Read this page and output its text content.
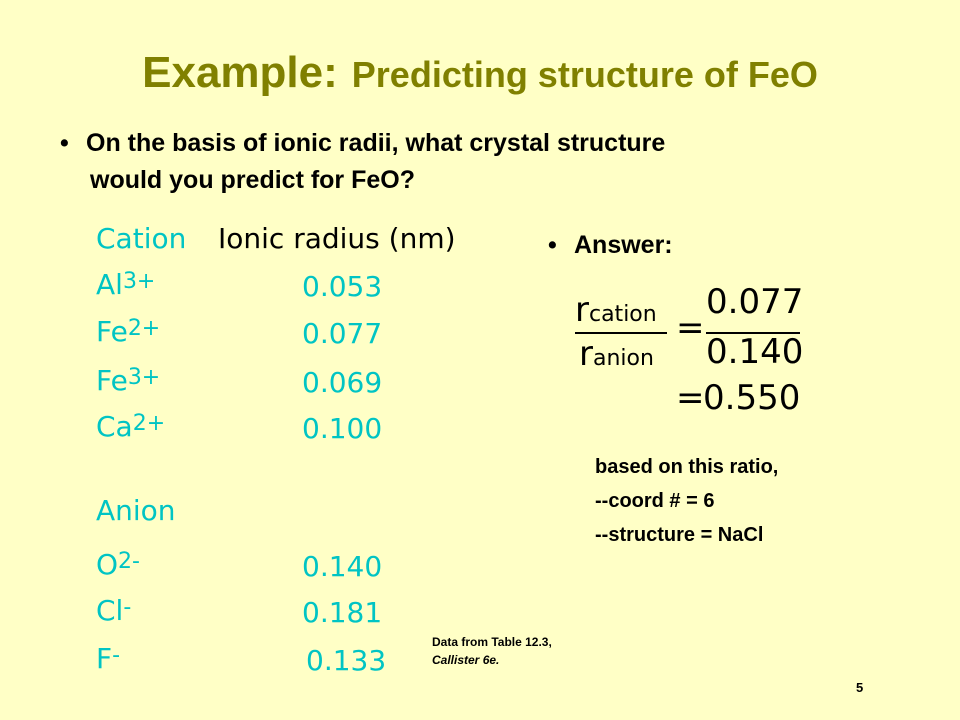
Example: Predicting structure of FeO
• On the basis of ionic radii, what crystal structure
would you predict for FeO?
Cation Ionic radius (nm)
$Al^{3+}$	0.053
$Fe^{2+}$	0.077
$Fe^{3+}$	0.069
$Ca^{2+}$	0.100
Anion
$O^{2-}$	0.140
Cl-	0.181
F-	0.133
• Answer:
rcation
ranion
=
0.077
0.140
=
0.550
based on this ratio,
--coord # = 6
--structure = NaCl
Data from Table 12.3,
Callister 6e.
5
